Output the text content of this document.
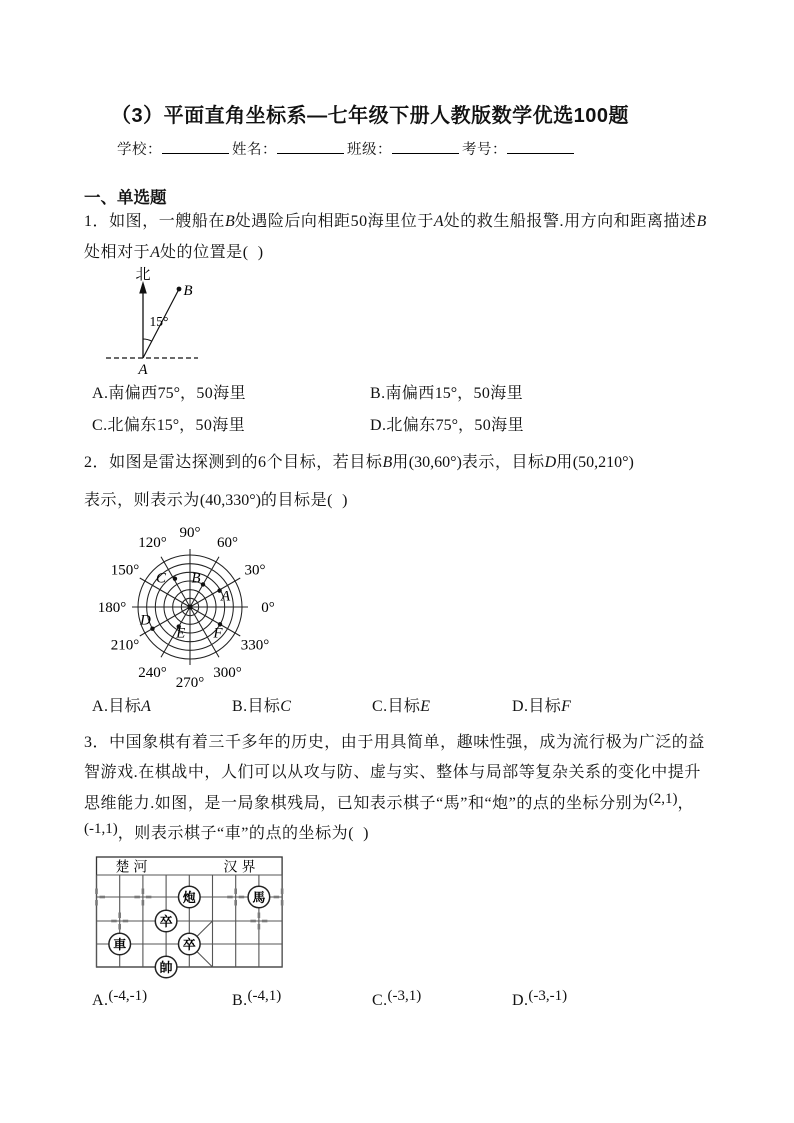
（3）平面直角坐标系—七年级下册人教版数学优选100题
学校：	姓名：	班级：	考号：
一、单选题
1．如图，一艘船在B处遇险后向相距50海里位于A处的救生船报警.用方向和距离描述B
处相对于A处的位置是(  )
北
B
15°
A
A.南偏西75°，50海里	B.南偏西15°，50海里
C.北偏东15°，50海里	D.北偏东75°，50海里
2．如图是雷达探测到的6个目标，若目标B用(30,60°)表示，目标D用(50,210°)
表示，则表示为(40,330°)的目标是(  )
0°
30°
60°
90°
120°
150°
180°
210°
240°
270°
300°
330°
A
B
C
D
E F
A.目标A	B.目标C	C.目标E	D.目标F
3．中国象棋有着三千多年的历史，由于用具简单，趣味性强，成为流行极为广泛的益
智游戏.在棋战中，人们可以从攻与防、虚与实、整体与局部等复杂关系的变化中提升
思维能力.如图，是一局象棋残局，已知表示棋子“馬”和“炮”的点的坐标分别为(2,1)，
(-1,1)，则表示棋子“車”的点的坐标为(  )
楚河	汉界
炮	馬
卒
車	卒
帥
A.(-4,-1)	B.(-4,1)	C.(-3,1)	D.(-3,-1)
